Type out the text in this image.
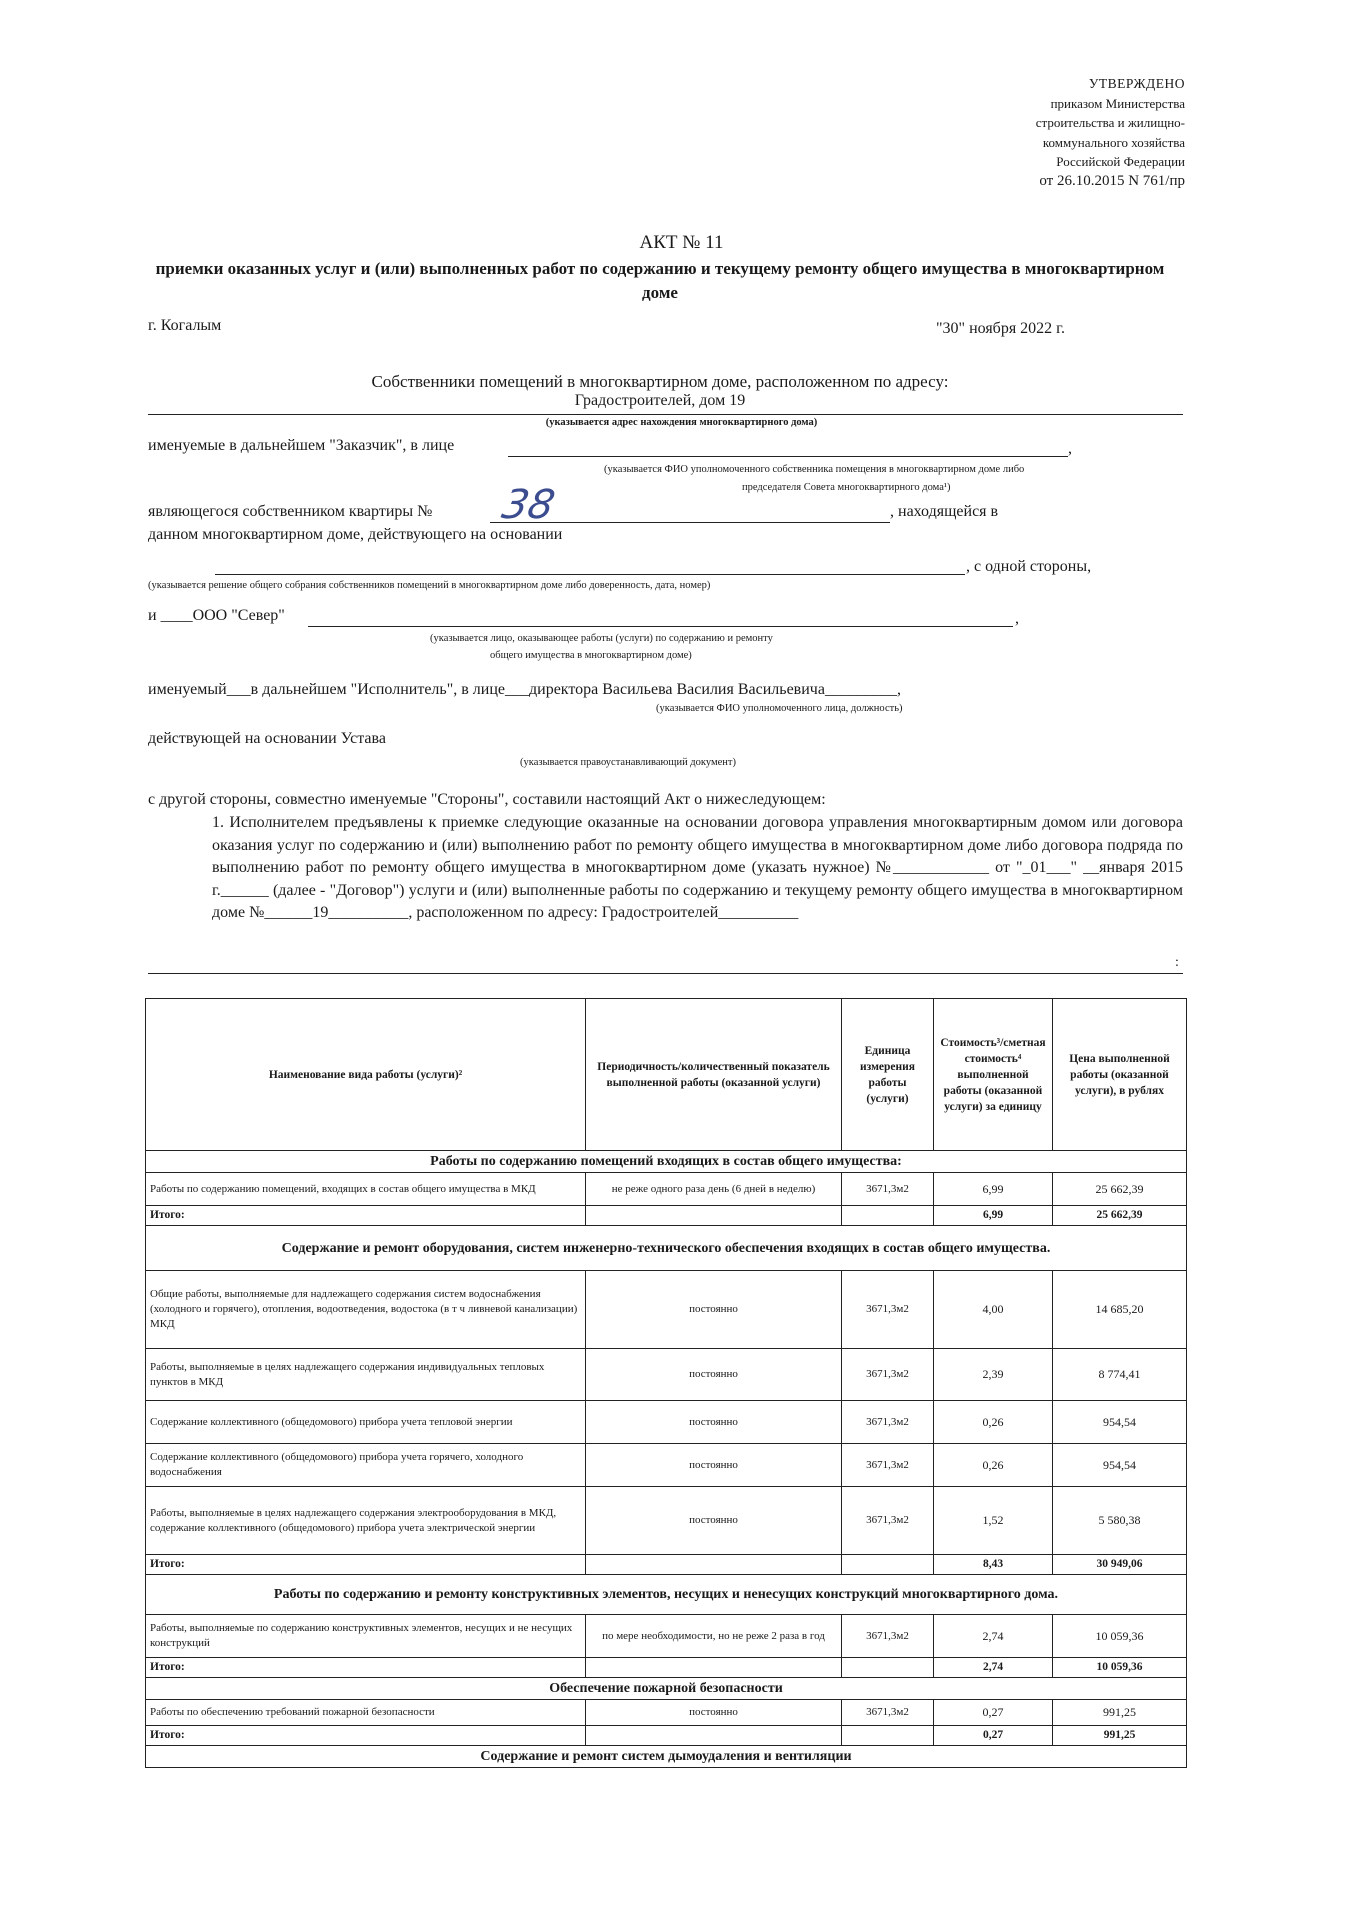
УТВЕРЖДЕНО
приказом Министерства
строительства и жилищно-
коммунального хозяйства
Российской Федерации
от 26.10.2015 N 761/пр
АКТ № 11
приемки оказанных услуг и (или) выполненных работ по содержанию и текущему ремонту общего имущества в многоквартирном доме
г. Когалым	"30" ноября 2022 г.
Собственники помещений в многоквартирном доме, расположенном по адресу:
Градостроителей, дом 19
(указывается адрес нахождения многоквартирного дома)
именуемые в дальнейшем "Заказчик", в лице	,
(указывается ФИО уполномоченного собственника помещения в многоквартирном доме либо
председателя Совета многоквартирного дома¹)
являющегося собственником квартиры № 38	, находящейся в
данном многоквартирном доме, действующего на основании
, с одной стороны,
(указывается решение общего собрания собственников помещений в многоквартирном доме либо доверенность, дата, номер)
и ____ООО "Север"	,
(указывается лицо, оказывающее работы (услуги) по содержанию и ремонту
общего имущества в многоквартирном доме)
именуемый___в дальнейшем "Исполнитель", в лице___директора Васильева Василия Васильевича_________,
(указывается ФИО уполномоченного лица, должность)
действующей на основании Устава
(указывается правоустанавливающий документ)
с другой стороны, совместно именуемые "Стороны", составили настоящий Акт о нижеследующем:
1. Исполнителем предъявлены к приемке следующие оказанные на основании договора управления многоквартирным домом или договора оказания услуг по содержанию и (или) выполнению работ по ремонту общего имущества в многоквартирном доме либо договора подряда по выполнению работ по ремонту общего имущества в многоквартирном доме (указать нужное) №____________ от "_01___" __января 2015 г.______ (далее - "Договор") услуги и (или) выполненные работы по содержанию и текущему ремонту общего имущества в многоквартирном доме №______19__________, расположенном по адресу: Градостроителей__________
:
Наименование вида работы (услуги)²	Периодичность/количественный показатель выполненной работы (оказанной услуги)	Единица измерения работы (услуги)	Стоимость³/сметная стоимость⁴ выполненной работы (оказанной услуги) за единицу	Цена выполненной работы (оказанной услуги), в рублях
Работы по содержанию помещений входящих в состав общего имущества:				
Работы по содержанию помещений, входящих в состав общего имущества в МКД	не реже одного раза день (6 дней в неделю)	3671,3м2	6,99	25 662,39
Итого:			6,99	25 662,39
Содержание и ремонт оборудования, систем инженерно-технического обеспечения входящих в состав общего имущества.				
Общие работы, выполняемые для надлежащего содержания систем водоснабжения (холодного и горячего), отопления, водоотведения, водостока (в т ч ливневой канализации) МКД	постоянно	3671,3м2	4,00	14 685,20
Работы, выполняемые в целях надлежащего содержания индивидуальных тепловых пунктов в МКД	постоянно	3671,3м2	2,39	8 774,41
Содержание коллективного (общедомового) прибора учета тепловой энергии	постоянно	3671,3м2	0,26	954,54
Содержание коллективного (общедомового) прибора учета горячего, холодного водоснабжения	постоянно	3671,3м2	0,26	954,54
Работы, выполняемые в целях надлежащего содержания электрооборудования в МКД, содержание коллективного (общедомового) прибора учета электрической энергии	постоянно	3671,3м2	1,52	5 580,38
Итого:			8,43	30 949,06
Работы по содержанию и ремонту конструктивных элементов, несущих и ненесущих конструкций многоквартирного дома.				
Работы, выполняемые по содержанию конструктивных элементов, несущих и не несущих конструкций	по мере необходимости, но не реже 2 раза в год	3671,3м2	2,74	10 059,36
Итого:			2,74	10 059,36
Обеспечение пожарной безопасности				
Работы по обеспечению требований пожарной безопасности	постоянно	3671,3м2	0,27	991,25
Итого:			0,27	991,25
Содержание и ремонт систем дымоудаления и вентиляции				
